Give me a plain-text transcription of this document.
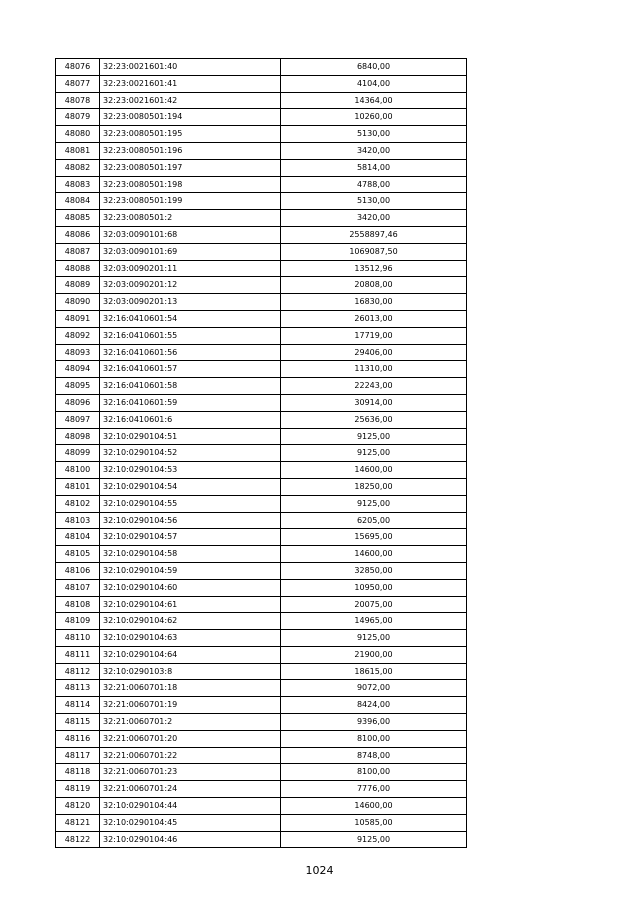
48076	32:23:0021601:40	6840,00
48077	32:23:0021601:41	4104,00
48078	32:23:0021601:42	14364,00
48079	32:23:0080501:194	10260,00
48080	32:23:0080501:195	5130,00
48081	32:23:0080501:196	3420,00
48082	32:23:0080501:197	5814,00
48083	32:23:0080501:198	4788,00
48084	32:23:0080501:199	5130,00
48085	32:23:0080501:2	3420,00
48086	32:03:0090101:68	2558897,46
48087	32:03:0090101:69	1069087,50
48088	32:03:0090201:11	13512,96
48089	32:03:0090201:12	20808,00
48090	32:03:0090201:13	16830,00
48091	32:16:0410601:54	26013,00
48092	32:16:0410601:55	17719,00
48093	32:16:0410601:56	29406,00
48094	32:16:0410601:57	11310,00
48095	32:16:0410601:58	22243,00
48096	32:16:0410601:59	30914,00
48097	32:16:0410601:6	25636,00
48098	32:10:0290104:51	9125,00
48099	32:10:0290104:52	9125,00
48100	32:10:0290104:53	14600,00
48101	32:10:0290104:54	18250,00
48102	32:10:0290104:55	9125,00
48103	32:10:0290104:56	6205,00
48104	32:10:0290104:57	15695,00
48105	32:10:0290104:58	14600,00
48106	32:10:0290104:59	32850,00
48107	32:10:0290104:60	10950,00
48108	32:10:0290104:61	20075,00
48109	32:10:0290104:62	14965,00
48110	32:10:0290104:63	9125,00
48111	32:10:0290104:64	21900,00
48112	32:10:0290103:8	18615,00
48113	32:21:0060701:18	9072,00
48114	32:21:0060701:19	8424,00
48115	32:21:0060701:2	9396,00
48116	32:21:0060701:20	8100,00
48117	32:21:0060701:22	8748,00
48118	32:21:0060701:23	8100,00
48119	32:21:0060701:24	7776,00
48120	32:10:0290104:44	14600,00
48121	32:10:0290104:45	10585,00
48122	32:10:0290104:46	9125,00
1024
